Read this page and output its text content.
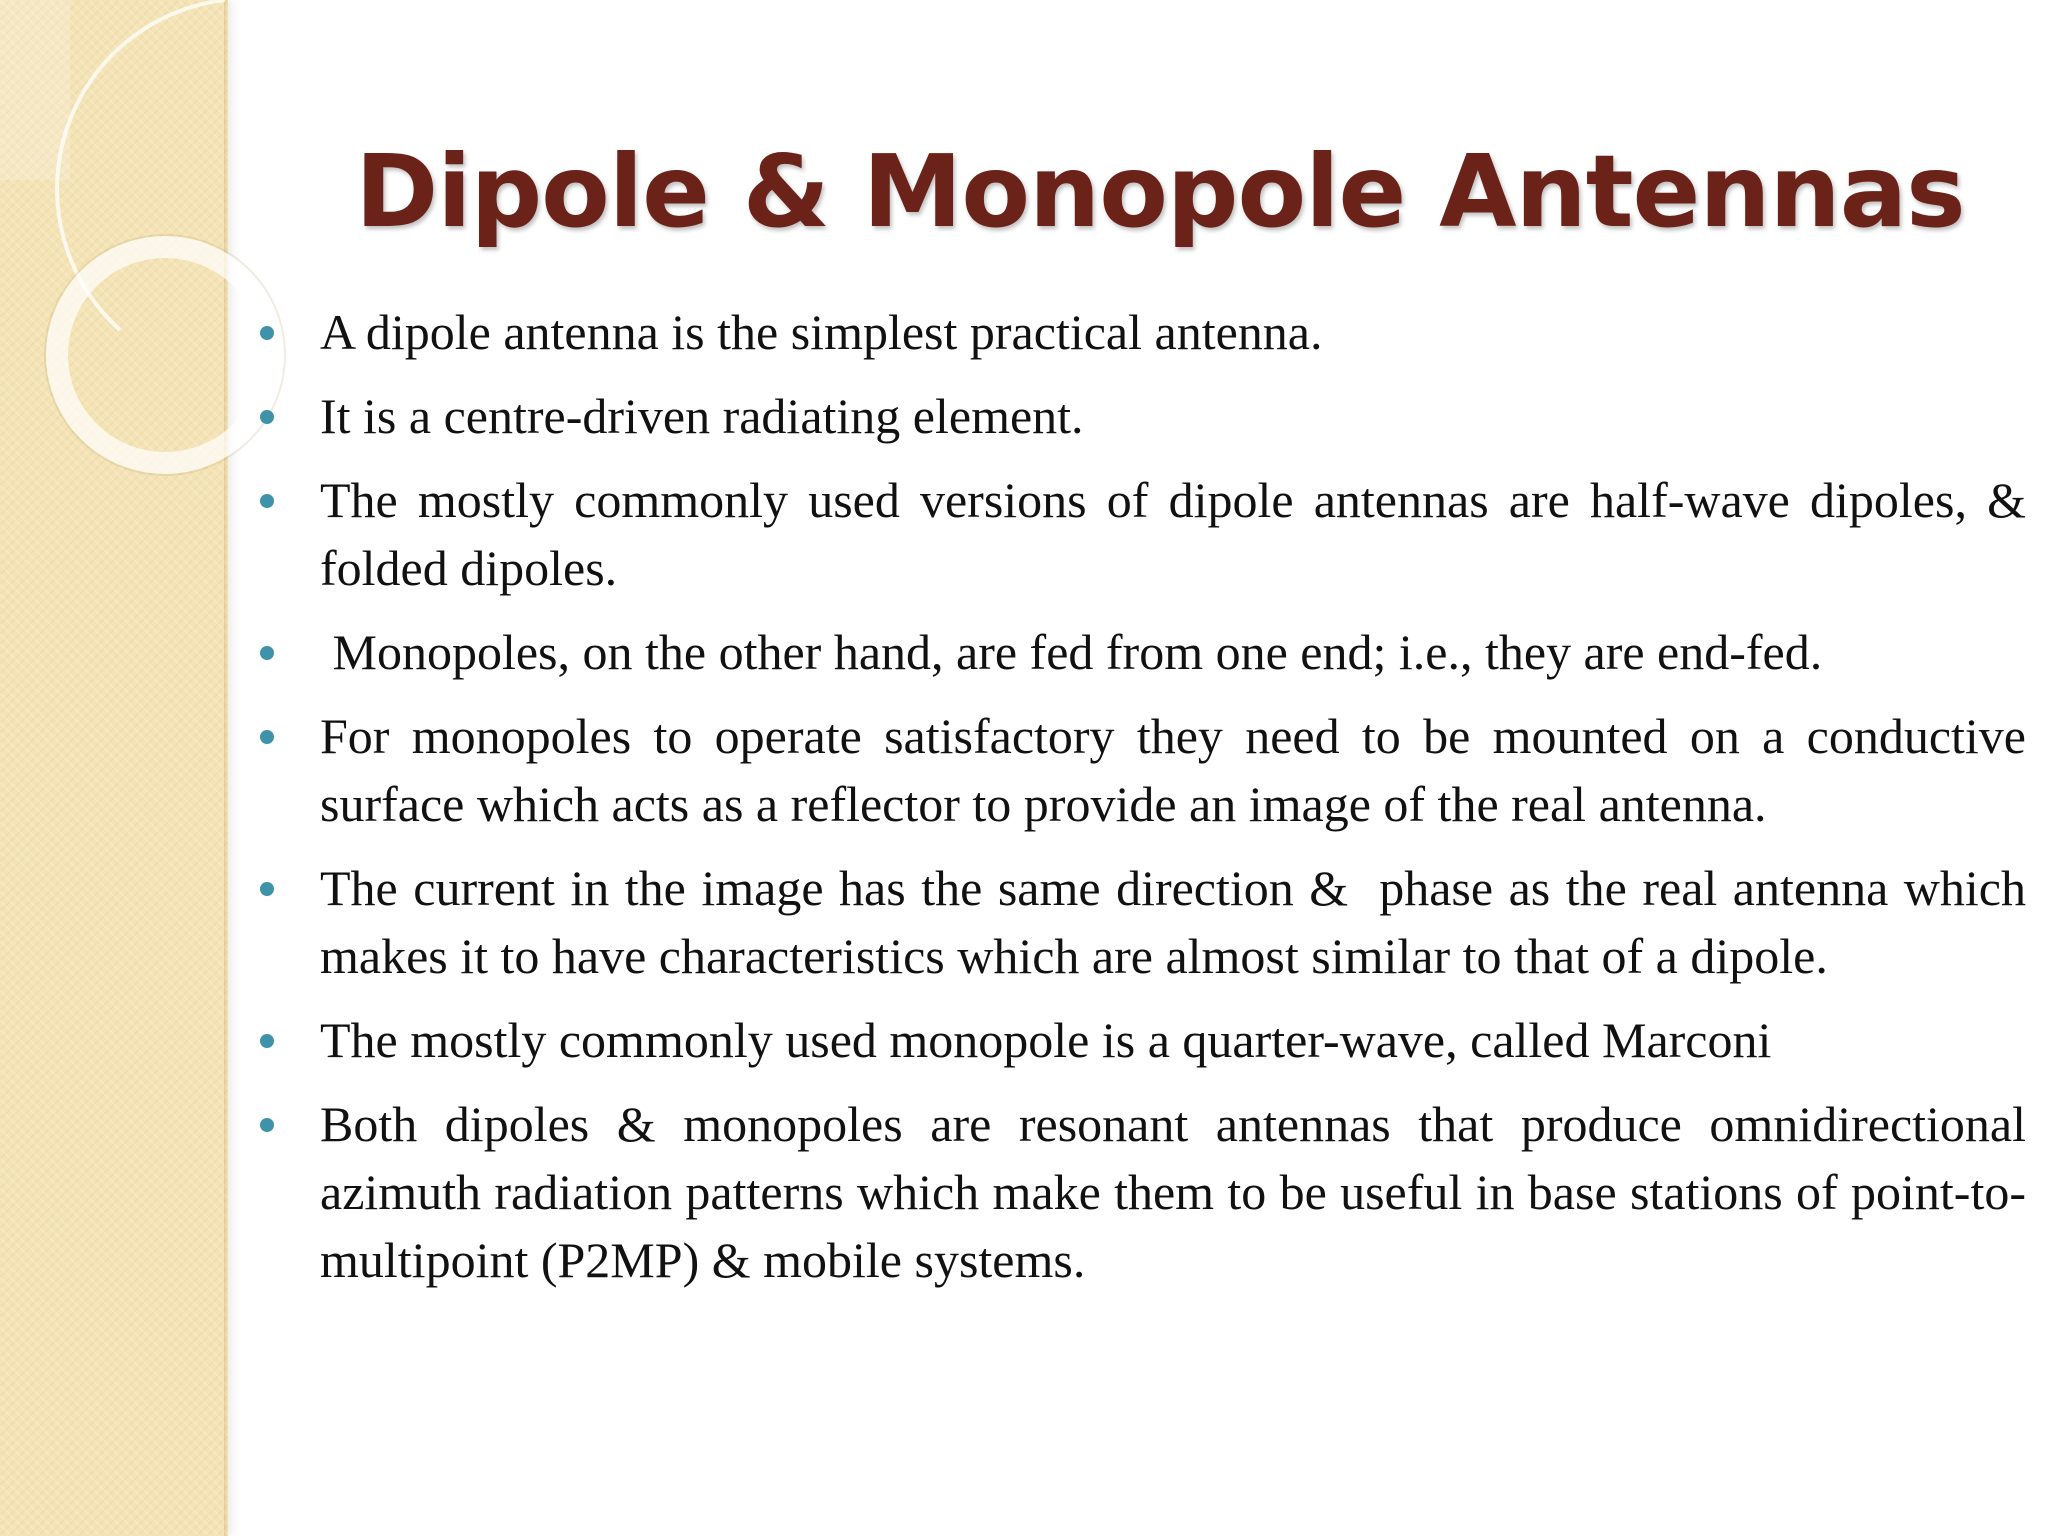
Dipole & Monopole Antennas
A dipole antenna is the simplest practical antenna.
It is a centre-driven radiating element.
The mostly commonly used versions of dipole antennas are half-wave dipoles, & folded dipoles.
Monopoles, on the other hand, are fed from one end; i.e., they are end-fed.
For monopoles to operate satisfactory they need to be mounted on a conductive surface which acts as a reflector to provide an image of the real antenna.
The current in the image has the same direction &  phase as the real antenna which makes it to have characteristics which are almost similar to that of a dipole.
The mostly commonly used monopole is a quarter-wave, called Marconi
Both dipoles & monopoles are resonant antennas that produce omnidirectional azimuth radiation patterns which make them to be useful in base stations of point-to-multipoint (P2MP) & mobile systems.
